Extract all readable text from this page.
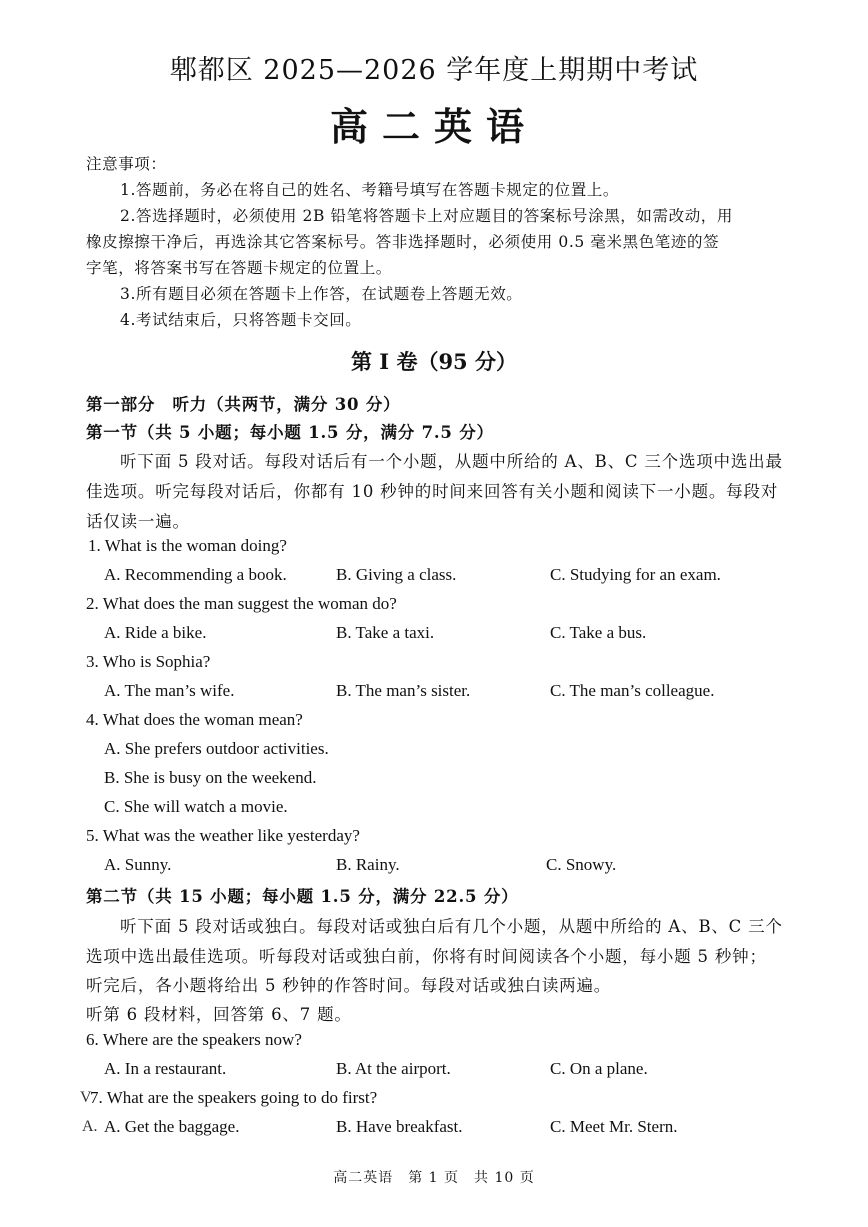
郫都区 2025—2026 学年度上期期中考试
高二英语
注意事项：
1.答题前，务必在将自己的姓名、考籍号填写在答题卡规定的位置上。
2.答选择题时，必须使用 2B 铅笔将答题卡上对应题目的答案标号涂黑，如需改动，用
橡皮擦擦干净后，再选涂其它答案标号。答非选择题时，必须使用 0.5 毫米黑色笔迹的签
字笔，将答案书写在答题卡规定的位置上。
3.所有题目必须在答题卡上作答，在试题卷上答题无效。
4.考试结束后，只将答题卡交回。
第 I 卷（95 分）
第一部分　听力（共两节，满分 30 分）
第一节（共 5 小题；每小题 1.5 分，满分 7.5 分）
听下面 5 段对话。每段对话后有一个小题，从题中所给的 A、B、C 三个选项中选出最
佳选项。听完每段对话后，你都有 10 秒钟的时间来回答有关小题和阅读下一小题。每段对
话仅读一遍。
1. What is the woman doing?
A. Recommending a book.	B. Giving a class.	C. Studying for an exam.
2. What does the man suggest the woman do?
A. Ride a bike.	B. Take a taxi.	C. Take a bus.
3. Who is Sophia?
A. The man’s wife.	B. The man’s sister.	C. The man’s colleague.
4. What does the woman mean?
A. She prefers outdoor activities.
B. She is busy on the weekend.
C. She will watch a movie.
5. What was the weather like yesterday?
A. Sunny.	B. Rainy.	C. Snowy.
第二节（共 15 小题；每小题 1.5 分，满分 22.5 分）
听下面 5 段对话或独白。每段对话或独白后有几个小题，从题中所给的 A、B、C 三个
选项中选出最佳选项。听每段对话或独白前，你将有时间阅读各个小题，每小题 5 秒钟；
听完后，各小题将给出 5 秒钟的作答时间。每段对话或独白读两遍。
听第 6 段材料，回答第 6、7 题。
6. Where are the speakers now?
A. In a restaurant.	B. At the airport.	C. On a plane.
V
7. What are the speakers going to do first?
A. A. Get the baggage.	B. Have breakfast.	C. Meet Mr. Stern.
高二英语　第 1 页　共 10 页
